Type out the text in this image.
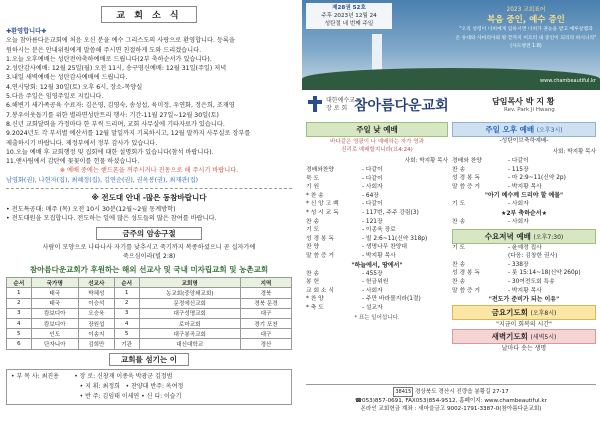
교 회 소 식

✚환영합니다✚

오늘 참아름다운교회에 처음 오신 분을 예수 그리스도의 사랑으로 환영합니다. 등록을

원하시는 분은 안내위원에게 말씀해 주시면 친절하게 도와 드리겠습니다.

1.오늘 오후예배는 성탄전야축하예배로 드립니다(2부 축하순서가 있습니다).

2.성탄감사예배: 12월 25일(월) 오전 11시, 송구영신예배: 12월 31일(주일) 저녁

3.내일 새벽예배는 성탄감사예배에 드립니다.

4.연시당회: 12월 30일(토) 오후 6시, 장소-목양실

5.다음 주일은 임영주일로 지킵니다.

6.해변기 새가족공육 수료자: 김은영, 김영숙, 송성섭, 육미정, 우연화, 정은희, 조재영

7.봉우이웃돕기를 위한 별라면성탄트리 행사: 기간-11월 27일~12월 30일(토)

8.신년 교회달력을 가정마다 한 부씩 드리며, 교회 사무실에 기타자료가 있습니다.

9.2024년도 각 부서별 예산서를 12월 말일까지 기록하시고, 12월 말까지 사무실로 장부를

제출하시기 바랍니다. 제정부에서 정부 감사가 있습니다.

10.오늘 예배 후 교회행정 및 집회에 대한 설명회가 있습니다(참석 바랍니다).

11.앤사팀에서 감탄에 꽃꽃이를 헌물 하셨습니다.

※ 예배 중에는 핸드폰을 꺼주시거나 진동으로 해 주시기 바랍니다.

남영화(권), 나현자(집), 최혜정(집), 김연순(권), 권옥봉(권), 최재관(집)

※ 전도대 안내 -많은 동참바랍니다

• 전도특공대: 매주 (목) 오전 10시 30분(12월~2월 동계방학)

• 전도대원을 모집합니다. 전도하는 일에 많은 성도들의 많은 참여를 바랍니다.

금주의 암송구절

사람이 모양으로 나타나사 자기를 낮추시고 죽기까지 복종하셨으니 곧 십자가에

죽으심이라(빌 2:8)

참아름다운교회가 후원하는 해외 선교사 및 국내 미자립교회 및 농촌교회
순서	국가명	선교사	순서	교회명	지역
1	태국	박혜성	1	농교회(중앙쇄교회)	경북
2	태국	이승석	2	문정에신교회	경북 문경
3	캄보디아	오승욱	3	대구성명교회	대구
4	캄보디아	장원섭	4	로마교회	경기 포천
5	인도	이송지	5	대구봉곡교회	대구
6	단자니아	김희만	기관	대신대학교	경산
교회를 섬기는 이

• 부 목 사: 최진용        • 장 로: 신창재 이종욱 박광군 김정범

• 지 휘: 최정희   • 찬양대 반주: 옥여정

• 반 주: 김임태 이세연 • 신 디: 이슬기

제28권 52호
주후 2023년 12월 24
성탄절 네 번째 주일
2023 교회표어
복음 중인, 예수 증인
"오직 성령이 너희에게 임하시면 너희가 권능을 받고 예루살렘과
온 유대와 사마리아와 땅 끝까지 이르러 내 증인이 되리라 하시니라"
(사도행전 1:8)
www.chambeautiful.kr
대한예수교
장 로 회 참아름다운교회	담임목사 박 지 황
Rev. Park Ji Hwang
주일 낮 예배
바다같은 영광이 나 예배하는 자가 영과
진리로 예배할지니라(요4:24)
사회: 박지황 목사
경배와찬양	- 다같이
묵 도	- 다같이
기 원	- 사회자
* 찬 송	- 64장
* 신 앙 고 백	- 다같이
* 성 시 교 독	- 117번, 주주 강림(3)
찬 송	- 121장
기 도	- 이종욱 장로
성 경 봉 독	- 빌 2:6~11(신약 318p)
찬 양	- 생명나무 찬양대
말 씀 증 거	- 박지황 목사
"하늘에서, 땅에서"
찬 송	- 455장
봉 헌	- 헌금위원
교 회 소 식	- 사회자
* 찬 양	- 주만 바라볼지라(1절)
* 축 도	- 설교자
* 표는 일어섭니다.
주일 오후 예배 (오후3시)
-성탄이브축하예배-
사회: 박지황 목사
경배와 찬양	- 다같이
찬 송	- 115장
성 경 봉 독	- 마 2:9~11(신약 2p)
말 씀 증 거	- 박지황 목사
"아기 예수께 드리야 할 예물"
기 도	- 사회자
★2부 축하순서★
찬 송	- 사회자
수요저녁 예배 (오후7:30)
기 도	- 윤예정 집사
(다음: 김창한 권사)
찬 송	- 338장
성 경 봉 독	- 룻 15:14~18(신약 260p)
찬 송	- 30여전도회 특송
말 씀 증 거	- 박지황 목사
"전도가 준비가 되는 이유"
금요기도회 (오후8시)
"지금이 회복의 시간"
새벽기도회 (새벽5시)
날마다 솟는 생명
38415 경상북도 경산시 진량읍 봉황길 27-17
☎053)857-0691, FAX053)854-9512, 홈페이지: www.chambeautiful.kr
온라인 교회헌금 계좌 : 새마을금고 9002-1791-3387-0(참아름다운교회)
